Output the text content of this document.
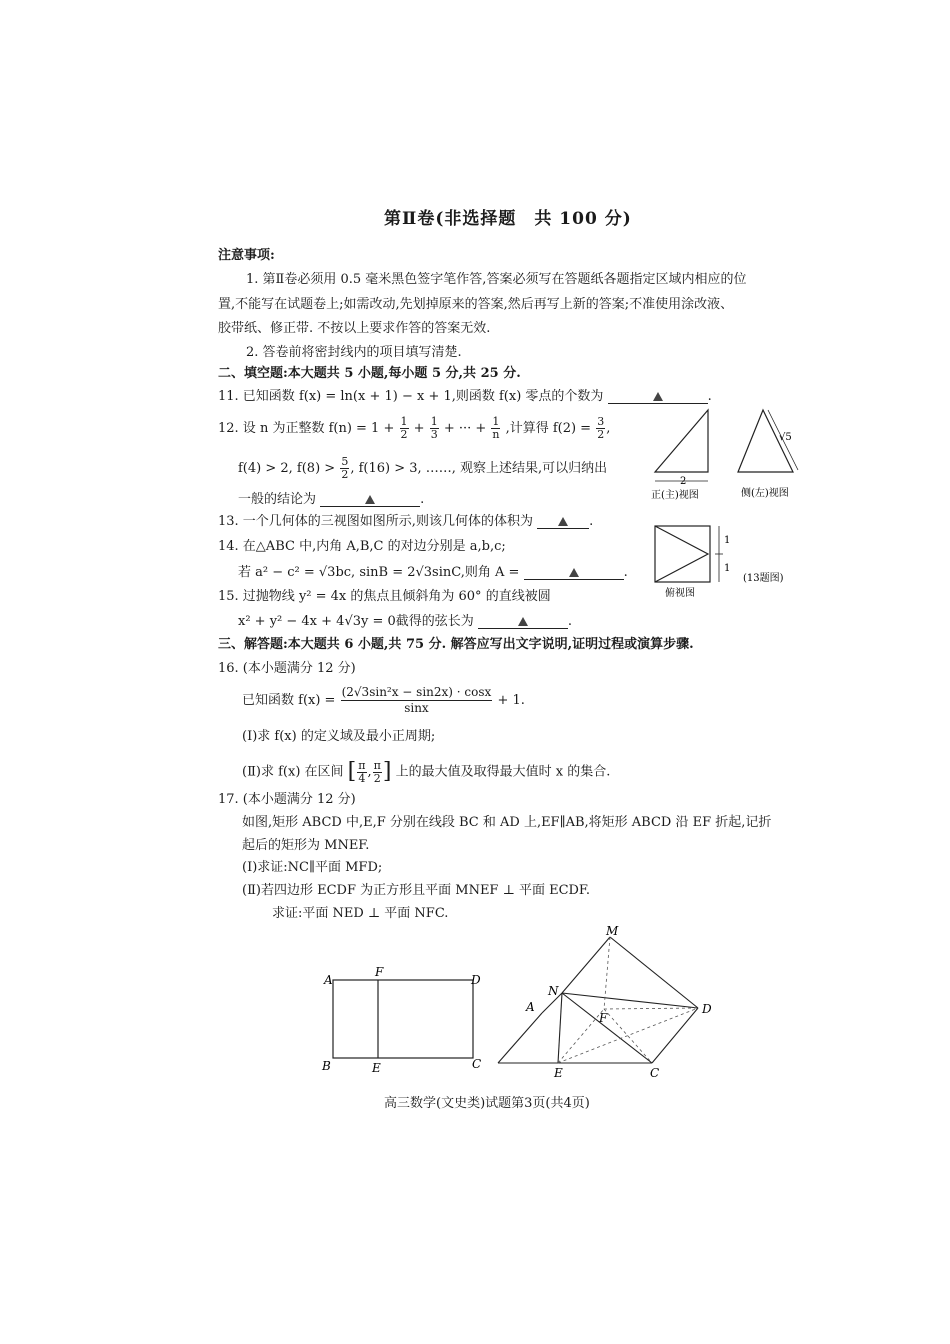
第Ⅱ卷(非选择题　共 100 分)
注意事项:
1. 第Ⅱ卷必须用 0.5 毫米黑色签字笔作答,答案必须写在答题纸各题指定区域内相应的位
置,不能写在试题卷上;如需改动,先划掉原来的答案,然后再写上新的答案;不准使用涂改液、
胶带纸、修正带. 不按以上要求作答的答案无效.
2. 答卷前将密封线内的项目填写清楚.
二、填空题:本大题共 5 小题,每小题 5 分,共 25 分.
11. 已知函数 f(x) = ln(x + 1) − x + 1,则函数 f(x) 零点的个数为	.
12. 设 n 为正整数 $f(n) = 1 + \frac{1}{2} + \frac{1}{3}$ + ··· + $\frac{1}{n}$ ,计算得 $f(2) = \frac{3}{2}$ ,
f(4) > 2, $f(8) > \frac{5}{2}$ , f(16) > 3, ……, 观察上述结果,可以归纳出
一般的结论为	.
13. 一个几何体的三视图如图所示,则该几何体的体积为	.
14. 在△ABC 中,内角 A,B,C 的对边分别是 a,b,c;
若 a² − c² = √3bc, sinB = 2√3sinC,则角 A =	.
15. 过抛物线 y² = 4x 的焦点且倾斜角为 60° 的直线被圆
x² + y² − 4x + 4√3y = 0截得的弦长为	.
2
正(主)视图
√5
侧(左)视图
1
1
俯视图
(13题图)
三、解答题:本大题共 6 小题,共 75 分. 解答应写出文字说明,证明过程或演算步骤.
16. (本小题满分 12 分)
已知函数 $f(x) = \frac{\text{(2√3sin²x − sin2x) · cosx}}{\sin x} + 1$.
(Ⅰ)求 f(x) 的定义域及最小正周期;
(Ⅱ)求 f(x) 在区间 [ $\frac{\pi}{4}$ , $\frac{\pi}{2}$ ] 上的最大值及取得最大值时 x 的集合.
17. (本小题满分 12 分)
如图,矩形 ABCD 中,E,F 分别在线段 BC 和 AD 上,EF∥AB,将矩形 ABCD 沿 EF 折起,记折
起后的矩形为 MNEF.
(Ⅰ)求证:NC∥平面 MFD;
(Ⅱ)若四边形 ECDF 为正方形且平面 MNEF ⊥ 平面 ECDF.
求证:平面 NED ⊥ 平面 NFC.
A
F
D
B	E	C
M
N
A
F
D
E	C
高三数学(文史类)试题第3页(共4页)
